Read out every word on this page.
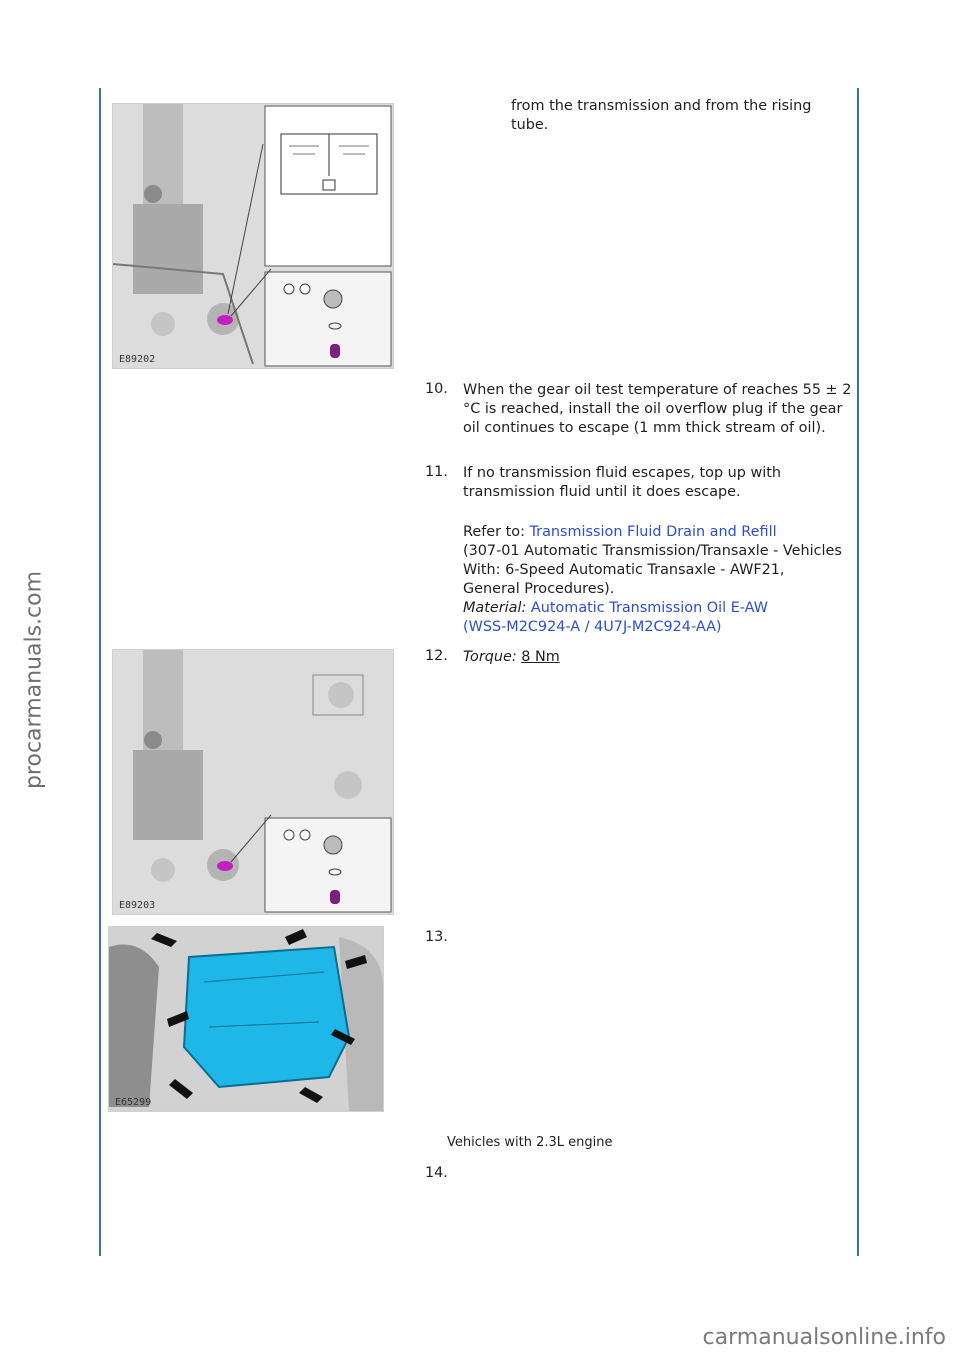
procarmanuals.com
carmanualsonline.info
E89202
from the transmission and from the rising tube.
10. When the gear oil test temperature of reaches 55 ± 2 °C is reached, install the oil overflow plug if the gear oil continues to escape (1 mm thick stream of oil).
11. If no transmission fluid escapes, top up with transmission fluid until it does escape.
Refer to: Transmission Fluid Drain and Refill
(307-01 Automatic Transmission/Transaxle - Vehicles With: 6-Speed Automatic Transaxle - AWF21, General Procedures).
Material: Automatic Transmission Oil E-AW
(WSS-M2C924-A / 4U7J-M2C924-AA)
E89203
12. Torque: 8 Nm
E65299
13.
Vehicles with 2.3L engine
14.
